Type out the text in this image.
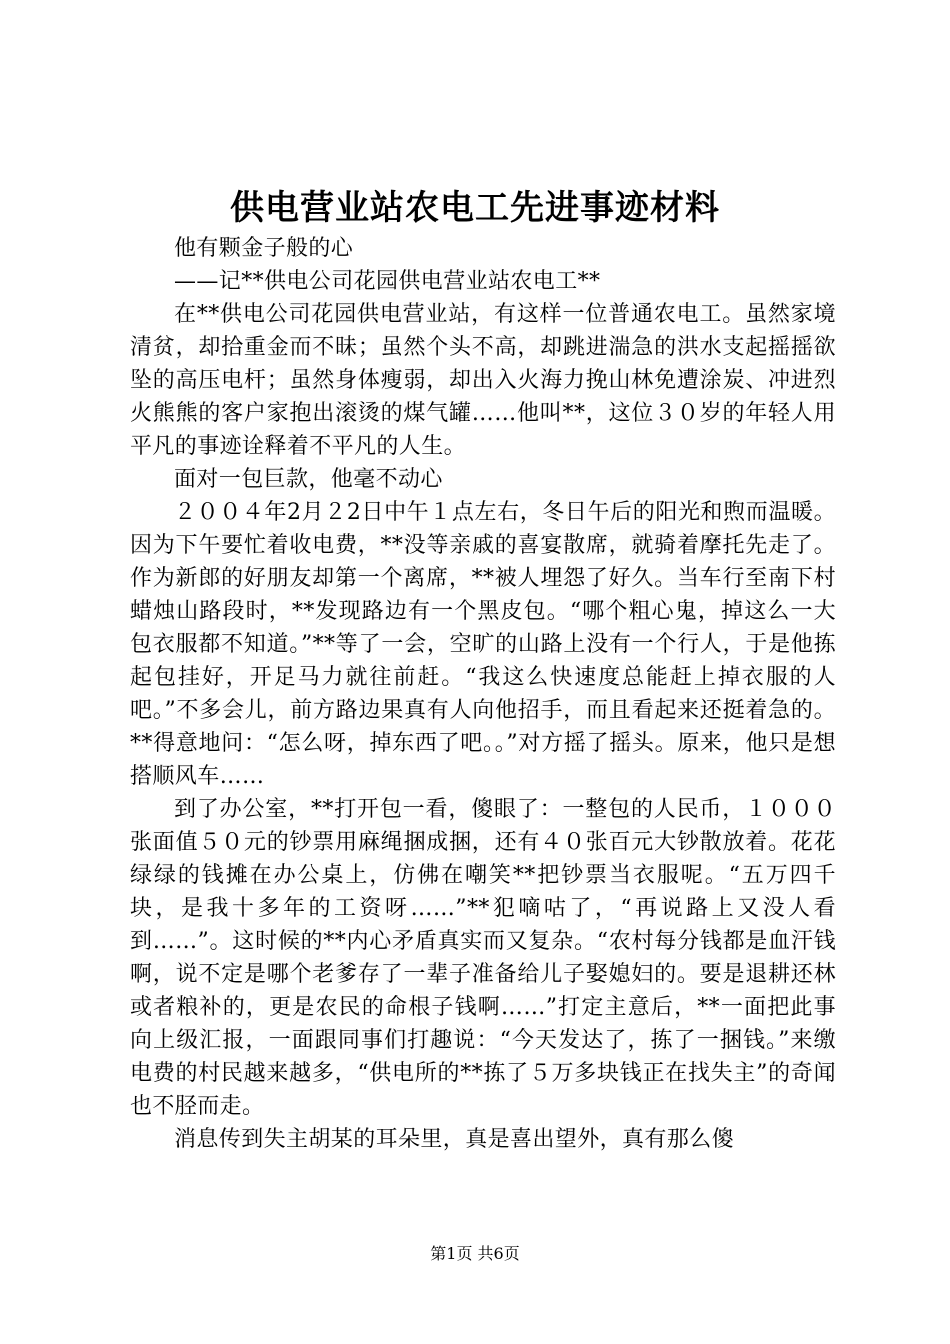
供电营业站农电工先进事迹材料

他有颗金子般的心

——记**供电公司花园供电营业站农电工**

在**供电公司花园供电营业站，有这样一位普通农电工。虽然家境清贫，却拾重金而不昧；虽然个头不高，却跳进湍急的洪水支起摇摇欲坠的高压电杆；虽然身体瘦弱，却出入火海力挽山林免遭涂炭、冲进烈火熊熊的客户家抱出滚烫的煤气罐……他叫**，这位３０岁的年轻人用平凡的事迹诠释着不平凡的人生。

面对一包巨款，他毫不动心

２００４年2月２2日中午１点左右，冬日午后的阳光和煦而温暖。因为下午要忙着收电费，**没等亲戚的喜宴散席，就骑着摩托先走了。作为新郎的好朋友却第一个离席，**被人埋怨了好久。当车行至南下村蜡烛山路段时，**发现路边有一个黑皮包。“哪个粗心鬼，掉这么一大包衣服都不知道。”**等了一会，空旷的山路上没有一个行人，于是他拣起包挂好，开足马力就往前赶。“我这么快速度总能赶上掉衣服的人吧。”不多会儿，前方路边果真有人向他招手，而且看起来还挺着急的。**得意地问：“怎么呀，掉东西了吧。。”对方摇了摇头。原来，他只是想搭顺风车……

到了办公室，**打开包一看，傻眼了：一整包的人民币，１０００张面值５０元的钞票用麻绳捆成捆，还有４０张百元大钞散放着。花花绿绿的钱摊在办公桌上，仿佛在嘲笑**把钞票当衣服呢。“五万四千块，是我十多年的工资呀……”**犯嘀咕了，“再说路上又没人看到……”。这时候的**内心矛盾真实而又复杂。“农村每分钱都是血汗钱啊，说不定是哪个老爹存了一辈子准备给儿子娶媳妇的。要是退耕还林或者粮补的，更是农民的命根子钱啊……”打定主意后，**一面把此事向上级汇报，一面跟同事们打趣说：“今天发达了，拣了一捆钱。”来缴电费的村民越来越多，“供电所的**拣了５万多块钱正在找失主”的奇闻也不胫而走。

消息传到失主胡某的耳朵里，真是喜出望外，真有那么傻

第1页 共6页
